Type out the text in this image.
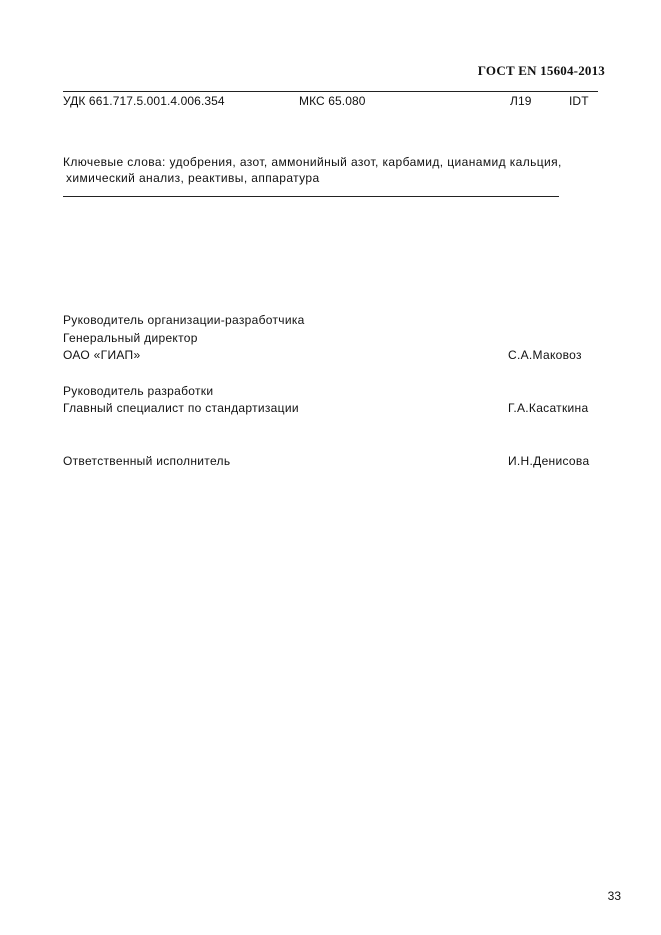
ГОСТ EN 15604-2013
УДК 661.717.5.001.4.006.354	МКС 65.080	Л19	IDT
Ключевые слова: удобрения, азот, аммонийный азот, карбамид, цианамид кальция,
химический анализ, реактивы, аппаратура
Руководитель организации-разработчика
Генеральный директор
ОАО «ГИАП»	С.А.Маковоз
Руководитель разработки
Главный специалист по стандартизации	Г.А.Касаткина
Ответственный исполнитель	И.Н.Денисова
33
